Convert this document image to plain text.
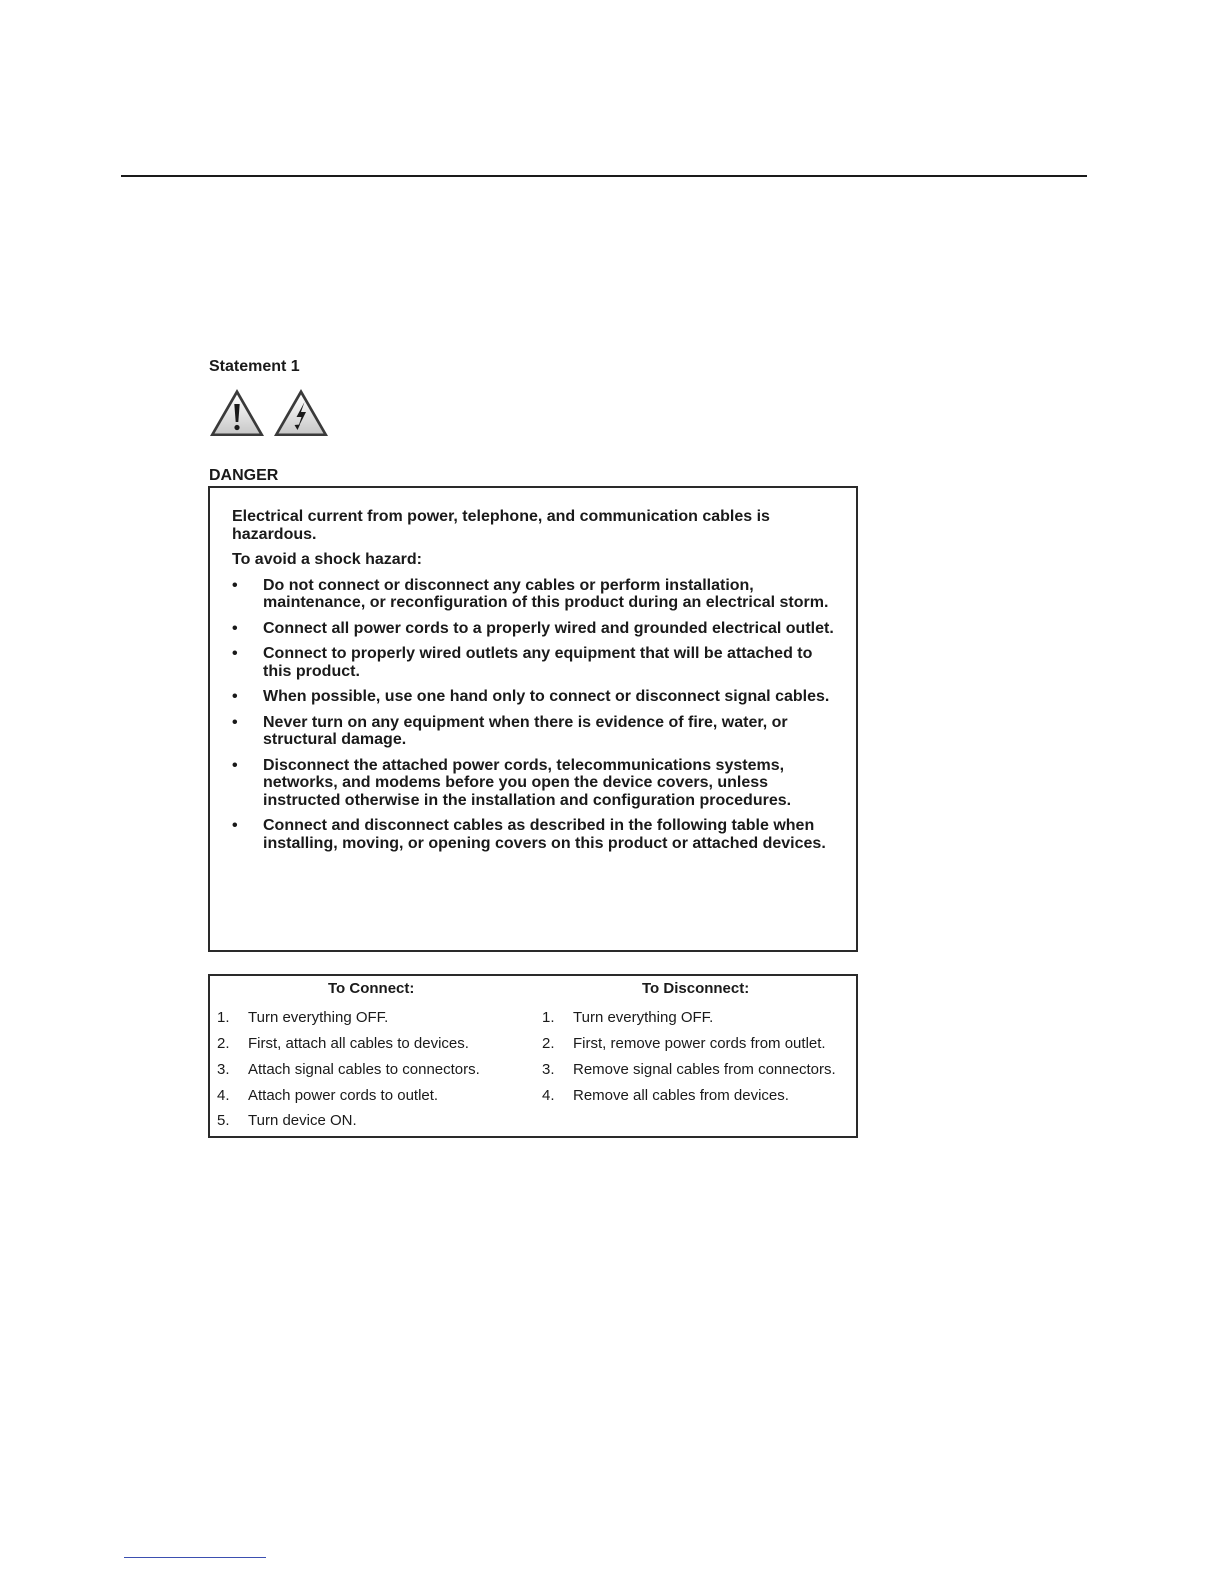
Statement 1
DANGER

Electrical current from power, telephone, and communication cables is hazardous.

To avoid a shock hazard:

• Do not connect or disconnect any cables or perform installation, maintenance, or reconfiguration of this product during an electrical storm.
• Connect all power cords to a properly wired and grounded electrical outlet.
• Connect to properly wired outlets any equipment that will be attached to this product.
• When possible, use one hand only to connect or disconnect signal cables.
• Never turn on any equipment when there is evidence of fire, water, or structural damage.
• Disconnect the attached power cords, telecommunications systems, networks, and modems before you open the device covers, unless instructed otherwise in the installation and configuration procedures.
• Connect and disconnect cables as described in the following table when installing, moving, or opening covers on this product or attached devices.
To Connect:	To Disconnect:
1. Turn everything OFF.
2. First, attach all cables to devices.
3. Attach signal cables to connectors.
4. Attach power cords to outlet.
5. Turn device ON.
1. Turn everything OFF.
2. First, remove power cords from outlet.
3. Remove signal cables from connectors.
4. Remove all cables from devices.
